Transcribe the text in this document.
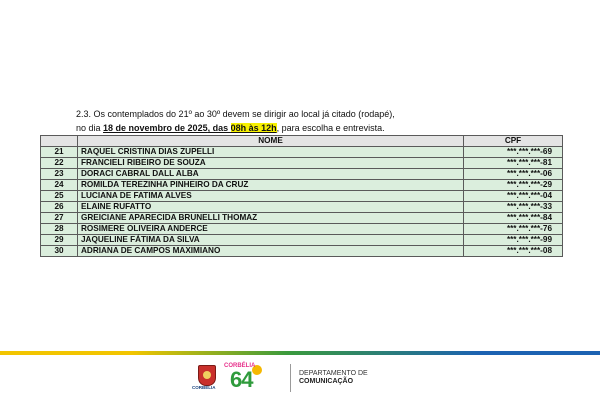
2.3. Os contemplados do 21º ao 30º devem se dirigir ao local já citado (rodapé),
no dia 18 de novembro de 2025, das 08h às 12h, para escolha e entrevista.
	NOME	CPF
21	RAQUEL CRISTINA DIAS ZUPELLI	***.***.***-69
22	FRANCIELI RIBEIRO DE SOUZA	***.***.***-81
23	DORACI CABRAL DALL ALBA	***.***.***-06
24	ROMILDA TEREZINHA PINHEIRO DA CRUZ	***.***.***-29
25	LUCIANA DE FATIMA ALVES	***.***.***-04
26	ELAINE RUFATTO	***.***.***-33
27	GREICIANE APARECIDA BRUNELLI THOMAZ	***.***.***-84
28	ROSIMERE OLIVEIRA ANDERCE	***.***.***-76
29	JAQUELINE FÁTIMA DA SILVA	***.***.***-99
30	ADRIANA DE CAMPOS MAXIMIANO	***.***.***-08
CORBÉLIA
CORBÉLIA
64	DEPARTAMENTO DE
COMUNICAÇÃO
